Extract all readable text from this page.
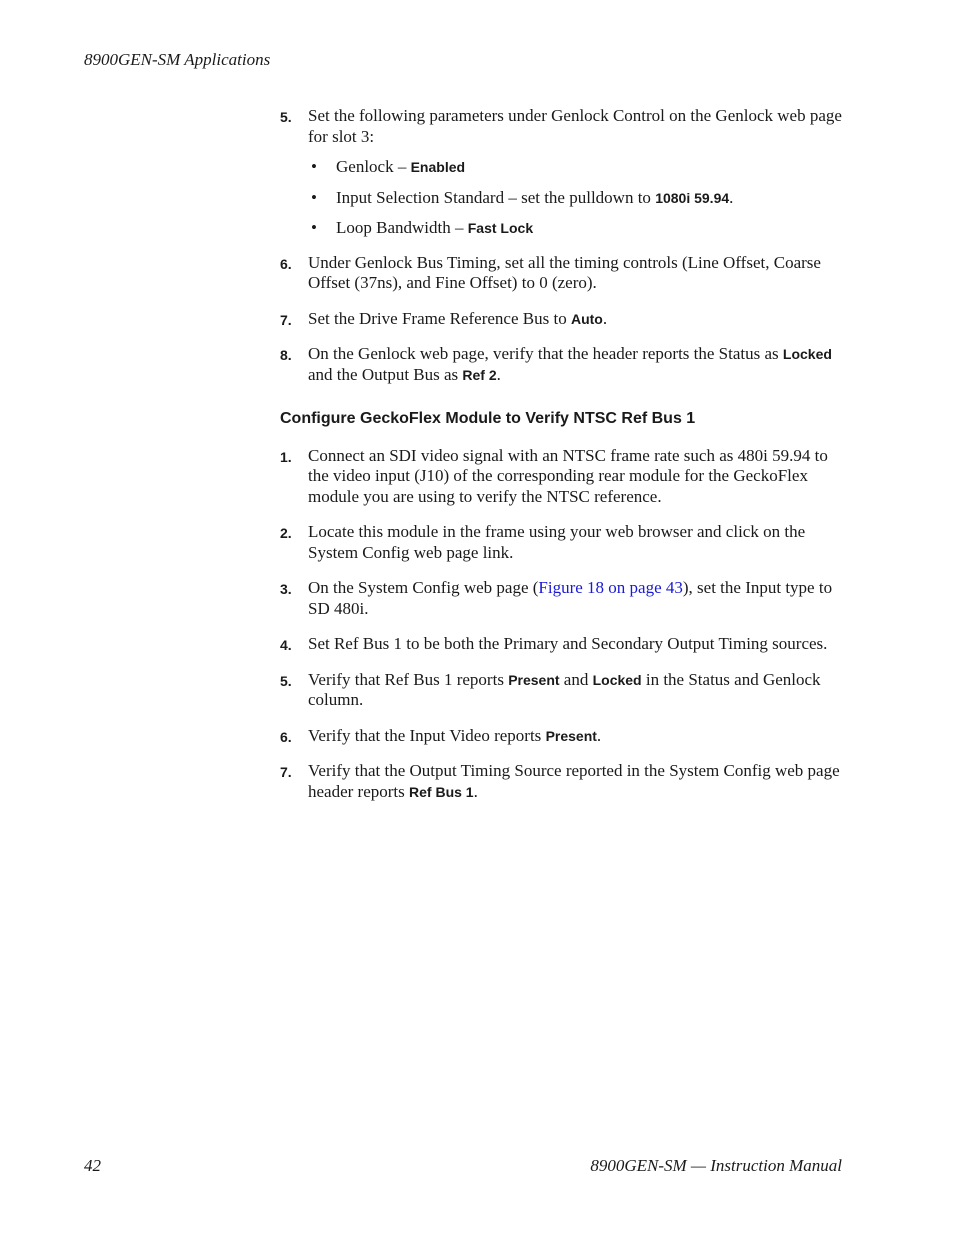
8900GEN-SM Applications
5. Set the following parameters under Genlock Control on the Genlock web page for slot 3:
• Genlock – Enabled
• Input Selection Standard – set the pulldown to 1080i 59.94.
• Loop Bandwidth – Fast Lock
6. Under Genlock Bus Timing, set all the timing controls (Line Offset, Coarse Offset (37ns), and Fine Offset) to 0 (zero).
7. Set the Drive Frame Reference Bus to Auto.
8. On the Genlock web page, verify that the header reports the Status as Locked and the Output Bus as Ref 2.
Configure GeckoFlex Module to Verify NTSC Ref Bus 1
1. Connect an SDI video signal with an NTSC frame rate such as 480i 59.94 to the video input (J10) of the corresponding rear module for the GeckoFlex module you are using to verify the NTSC reference.
2. Locate this module in the frame using your web browser and click on the System Config web page link.
3. On the System Config web page (Figure 18 on page 43), set the Input type to SD 480i.
4. Set Ref Bus 1 to be both the Primary and Secondary Output Timing sources.
5. Verify that Ref Bus 1 reports Present and Locked in the Status and Genlock column.
6. Verify that the Input Video reports Present.
7. Verify that the Output Timing Source reported in the System Config web page header reports Ref Bus 1.
42	8900GEN-SM — Instruction Manual
